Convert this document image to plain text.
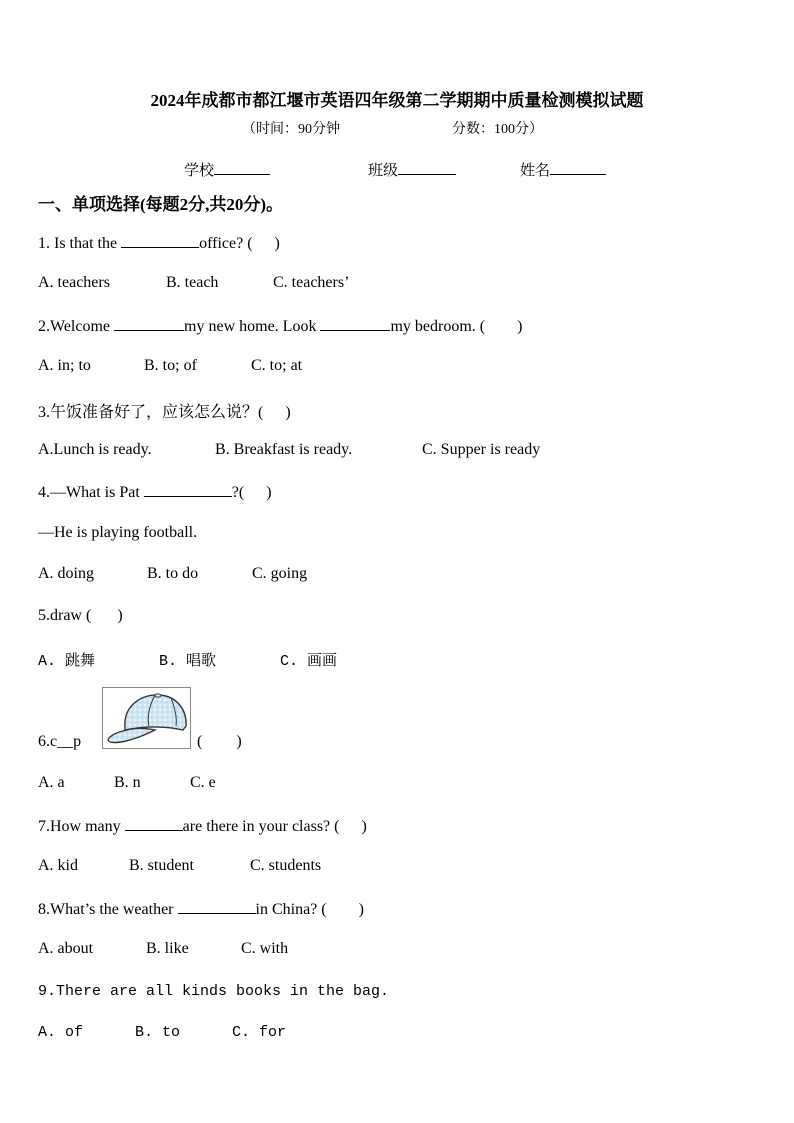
2024年成都市都江堰市英语四年级第二学期期中质量检测模拟试题
（时间：90分钟	分数：100分）
学校	班级	姓名
一、单项选择(每题2分,共20分)。
1. Is that the	office? ( )
A. teachers	B. teach	C. teachers’
2.Welcome	my new home. Look	my bedroom. ( )
A. in; to	B. to; of	C. to; at
3.午饭准备好了，应该怎么说？( )
A.Lunch is ready.	B. Breakfast is ready.	C. Supper is ready
4.—What is Pat	?( )
—He is playing football.
A. doing	B. to do	C. going
5.draw ( )
A. 跳舞	B. 唱歌	C. 画画
6.c__p	( )
A. a	B. n	C. e
7.How many	are there in your class? ( )
A. kid	B. student	C. students
8.What’s the weather	in China? ( )
A. about	B. like	C. with
9.There are all kinds books in the bag.
A. of	B. to	C. for
